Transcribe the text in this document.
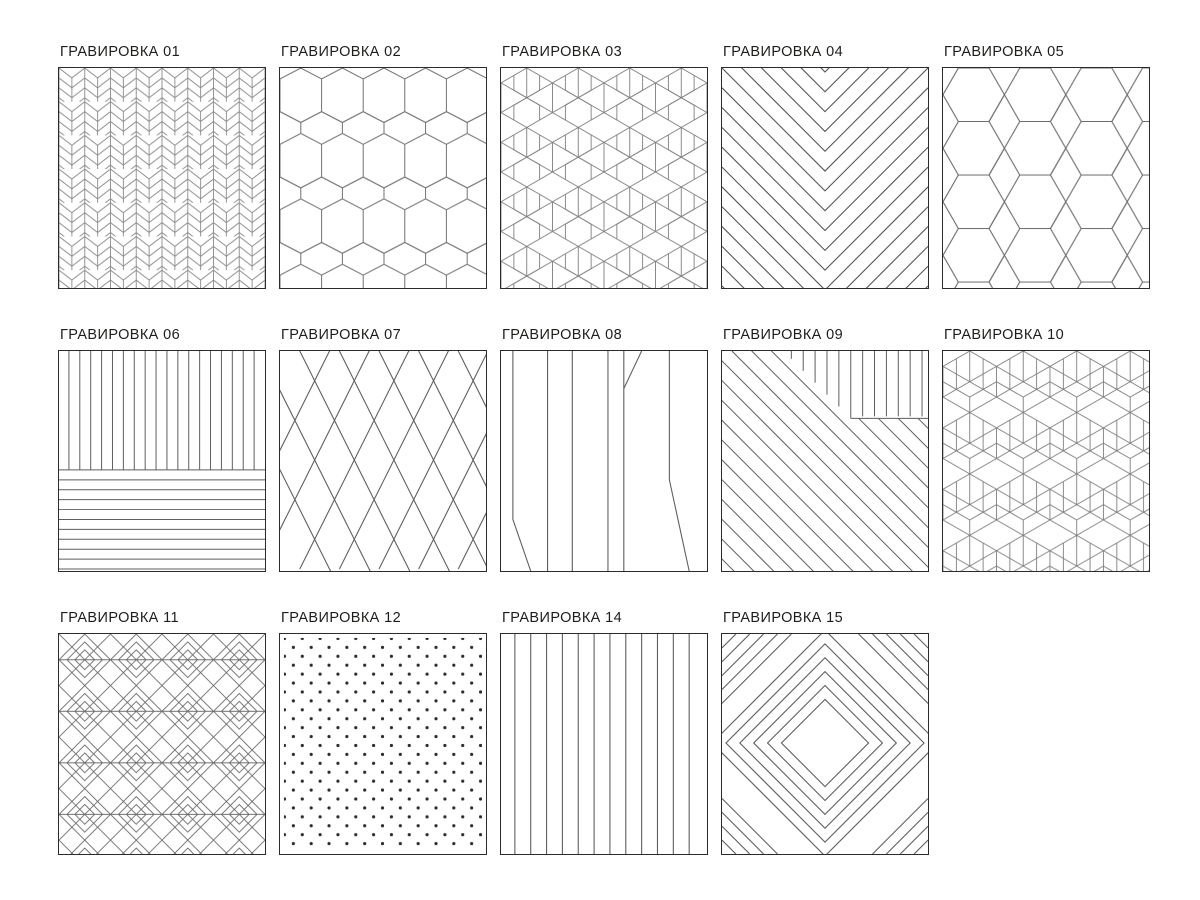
ГРАВИРОВКА 01	ГРАВИРОВКА 02	ГРАВИРОВКА 03	ГРАВИРОВКА 04	ГРАВИРОВКА 05
ГРАВИРОВКА 06	ГРАВИРОВКА 07	ГРАВИРОВКА 08	ГРАВИРОВКА 09	ГРАВИРОВКА 10
ГРАВИРОВКА 11	ГРАВИРОВКА 12	ГРАВИРОВКА 14	ГРАВИРОВКА 15
